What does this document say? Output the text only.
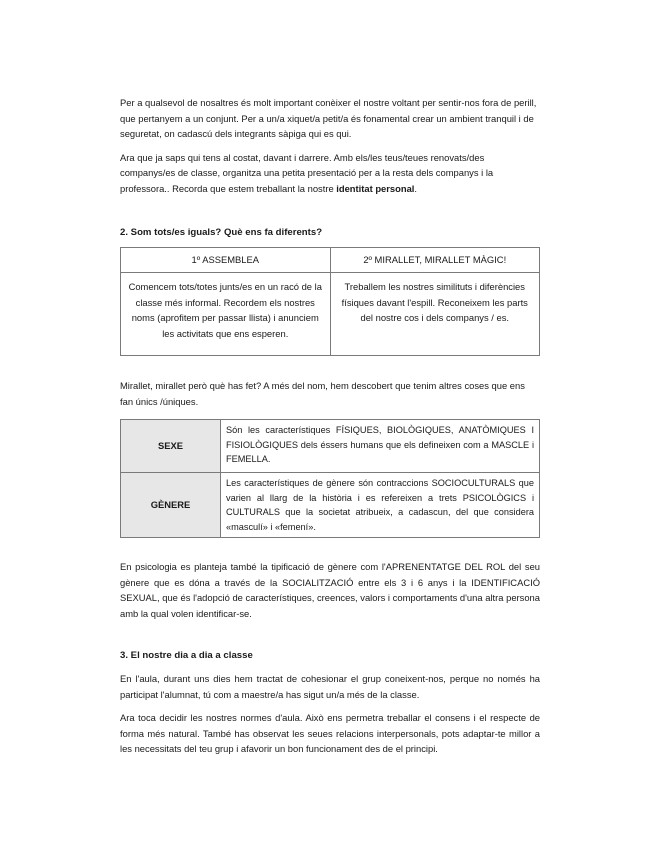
Per a qualsevol de nosaltres és molt important conèixer el nostre voltant per sentir-nos fora de perill, que pertanyem a un conjunt. Per a un/a xiquet/a petit/a és fonamental crear un ambient tranquil i de seguretat, on cadascú dels integrants sàpiga qui es qui.

Ara que ja saps qui tens al costat, davant i darrere. Amb els/les teus/teues renovats/des companys/es de classe, organitza una petita presentació per a la resta dels companys i la professora.. Recorda que estem treballant la nostre identitat personal.

2. Som tots/es iguals? Què ens fa diferents?
1º ASSEMBLEA	2º MIRALLET, MIRALLET MÀGIC!
Comencem tots/totes junts/es en un racó de la classe més informal. Recordem els nostres noms (aprofitem per passar llista) i anunciem les activitats que ens esperen.	Treballem les nostres similituts i diferències físiques davant l'espill. Reconeixem les parts del nostre cos i dels companys / es.

Mirallet, mirallet però què has fet? A més del nom, hem descobert que tenim altres coses que ens fan únics /úniques.

SEXE	Són les característiques FÍSIQUES, BIOLÒGIQUES, ANATÒMIQUES I FISIOLÒGIQUES dels éssers humans que els defineixen com a MASCLE i FEMELLA.
GÈNERE	Les característiques de gènere són contraccions SOCIOCULTURALS que varien al llarg de la història i es refereixen a trets PSICOLÒGICS i CULTURALS que la societat atribueix, a cadascun, del que considera «masculí» i «femení».

En psicologia es planteja també la tipificació de gènere com l'APRENENTATGE DEL ROL del seu gènere que es dóna a través de la SOCIALITZACIÓ entre els 3 i 6 anys i la IDENTIFICACIÓ SEXUAL, que és l'adopció de característiques, creences, valors i comportaments d'una altra persona amb la qual volen identificar-se.

3. El nostre dia a dia a classe

En l'aula, durant uns dies hem tractat de cohesionar el grup coneixent-nos, perque no només ha participat l'alumnat, tú com a maestre/a has sigut un/a més de la classe.

Ara toca decidir les nostres normes d'aula. Això ens permetra treballar el consens i el respecte de forma més natural. També has observat les seues relacions interpersonals, pots adaptar-te millor a les necessitats del teu grup i afavorir un bon funcionament des de el principi.
